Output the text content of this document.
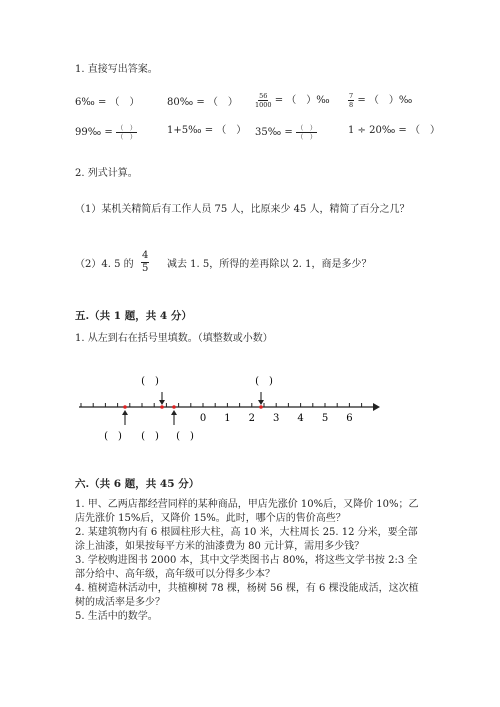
1. 直接写出答案。
6‰ = （　）	80‰ = （　）	$\frac{56}{1000}$ = （　）‰	$\frac{7}{8}$ = （　）‰
99‰ = $\frac{( )}{( )}$	1+5‰ = （　） 35‰ = $\frac{( )}{( )}$	1 ÷ 20‰ = （　）
2. 列式计算。
（1）某机关精简后有工作人员 75 人，比原来少 45 人，精简了百分之几？
（2）4. 5 的 $\frac{4}{5}$ 减去 1. 5，所得的差再除以 2. 1，商是多少？
五.（共 1 题，共 4 分）
1. 从左到右在括号里填数。（填整数或小数）
0 1 2 3 4 5 6
(　)	(　)
(　) (　) (　)
六.（共 6 题，共 45 分）
1. 甲、乙两店都经营同样的某种商品，甲店先涨价 10%后，又降价 10%；乙店先涨价 15%后，又降价 15%。此时，哪个店的售价高些？
2. 某建筑物内有 6 根圆柱形大柱，高 10 米，大柱周长 25. 12 分米，要全部涂上油漆，如果按每平方米的油漆费为 80 元计算，需用多少钱？
3. 学校购进图书 2000 本，其中文学类图书占 80%，将这些文学书按 2:3 全部分给中、高年级，高年级可以分得多少本？
4. 植树造林活动中，共植柳树 78 棵，杨树 56 棵，有 6 棵没能成活，这次植树的成活率是多少？
5. 生活中的数学。
